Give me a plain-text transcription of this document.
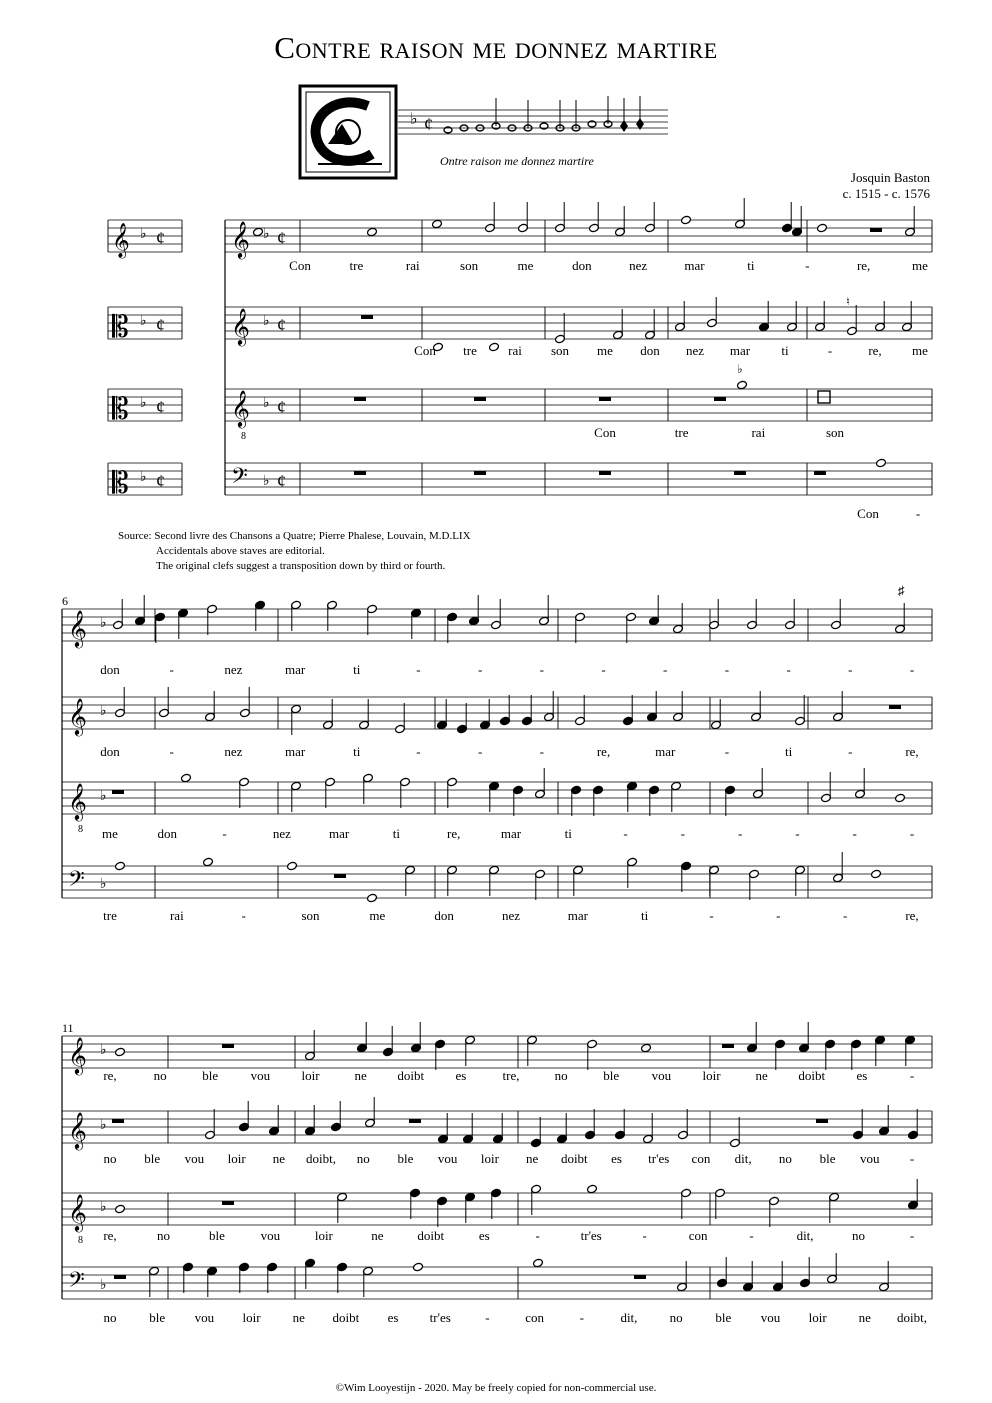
Contre raison me donnez martire
♭ ¢
Ontre raison me donnez martire
Josquin Baston
c. 1515 - c. 1576
Source: Second livre des Chansons a Quatre; Pierre Phalese, Louvain, M.D.LIX
Accidentals above staves are editorial.
The original clefs suggest a transposition down by third or fourth.
𝄞 ♭ ¢
𝄡 ♭ ¢
𝄡 ♭ ¢
𝄡 ♭ ¢
𝄞 ♭ ¢
𝄞 ♭ ¢
𝄞
8
♭ ¢
𝄢 ♭ ¢
6
𝄞 ♭
𝄞 ♭
𝄞
8
♭
𝄢 ♭
11
𝄞 ♭
𝄞 ♭
𝄞
8
♭
𝄢 ♭
♮
♭
♯
Con	tre	rai	son	me	don	nez	mar	ti	-	re,	me
Con tre rai son me don nez mar ti	-	re, me
Con	tre	rai	son
Con	-
don	-	nez	mar	ti	-	-	-	-	-	-	-	-	-
don	-	nez	mar	ti	-	-	-	re,	mar	-	ti	-	re,
me	don	-	nez	mar	ti	re,	mar	ti	-	-	-	-	-	-
tre	rai	-	son	me	don	nez	mar	ti	-	-	-	re,
re,	no	ble vou loir	ne doibt es	tre,	no	ble vou loir	ne doibt es	-
no ble vou loir ne doibt, no ble vou loir ne doibt es tr'es con dit, no ble vou -
re,	no	ble	vou	loir	ne	doibt	es	-	tr'es	-	con	-	dit,	no	-
no	ble vou loir ne doibt es tr'es	-	con	-	dit, no	ble vou loir ne doibt,
©Wim Looyestijn - 2020. May be freely copied for non-commercial use.
